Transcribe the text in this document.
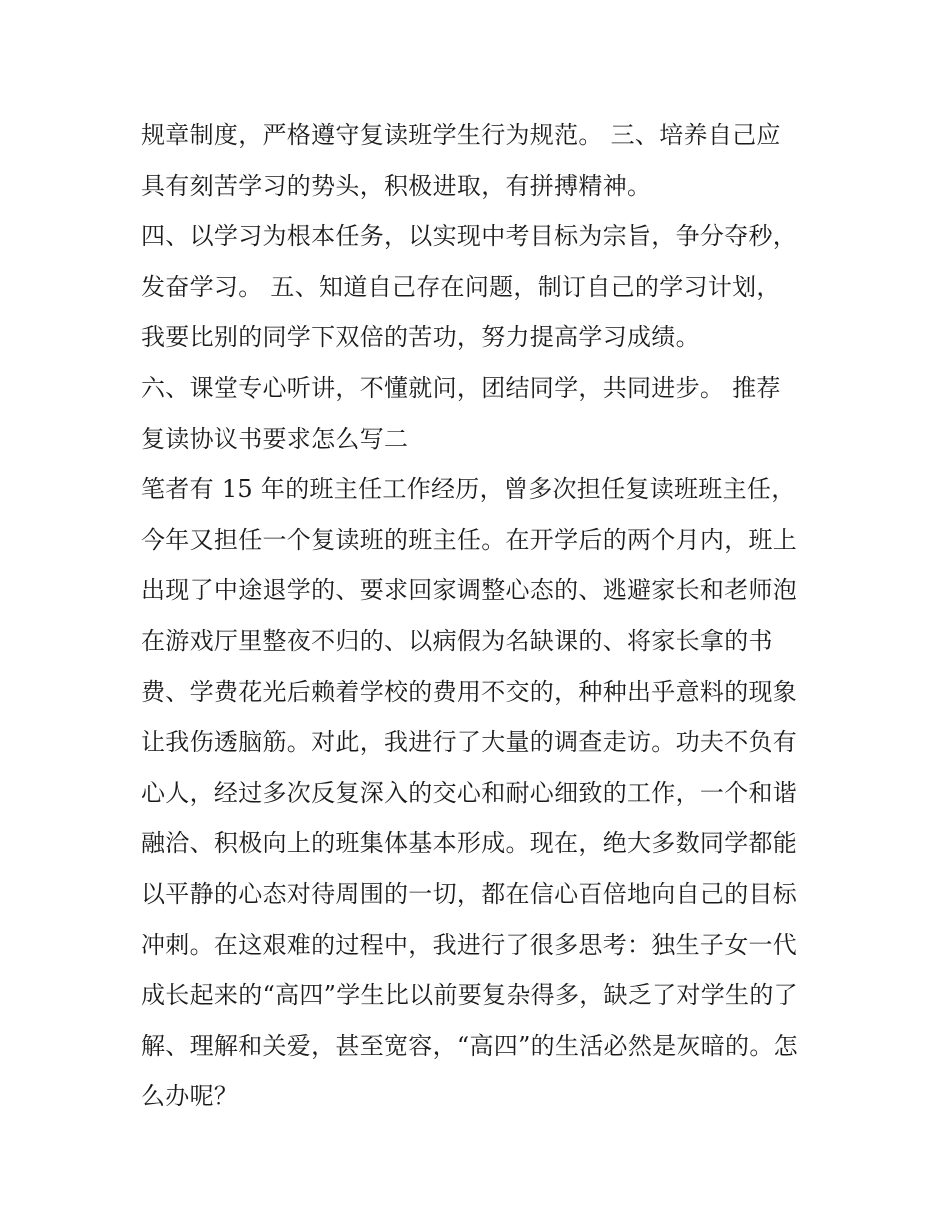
规章制度，严格遵守复读班学生行为规范。 三、培养自己应
具有刻苦学习的势头，积极进取，有拼搏精神。
四、以学习为根本任务，以实现中考目标为宗旨，争分夺秒，
发奋学习。 五、知道自己存在问题，制订自己的学习计划，
我要比别的同学下双倍的苦功，努力提高学习成绩。
六、课堂专心听讲，不懂就问，团结同学，共同进步。 推荐
复读协议书要求怎么写二
笔者有 15 年的班主任工作经历，曾多次担任复读班班主任，
今年又担任一个复读班的班主任。在开学后的两个月内，班上
出现了中途退学的、要求回家调整心态的、逃避家长和老师泡
在游戏厅里整夜不归的、以病假为名缺课的、将家长拿的书
费、学费花光后赖着学校的费用不交的，种种出乎意料的现象
让我伤透脑筋。对此，我进行了大量的调查走访。功夫不负有
心人，经过多次反复深入的交心和耐心细致的工作，一个和谐
融洽、积极向上的班集体基本形成。现在，绝大多数同学都能
以平静的心态对待周围的一切，都在信心百倍地向自己的目标
冲刺。在这艰难的过程中，我进行了很多思考：独生子女一代
成长起来的“高四”学生比以前要复杂得多，缺乏了对学生的了
解、理解和关爱，甚至宽容，“高四”的生活必然是灰暗的。怎
么办呢？
